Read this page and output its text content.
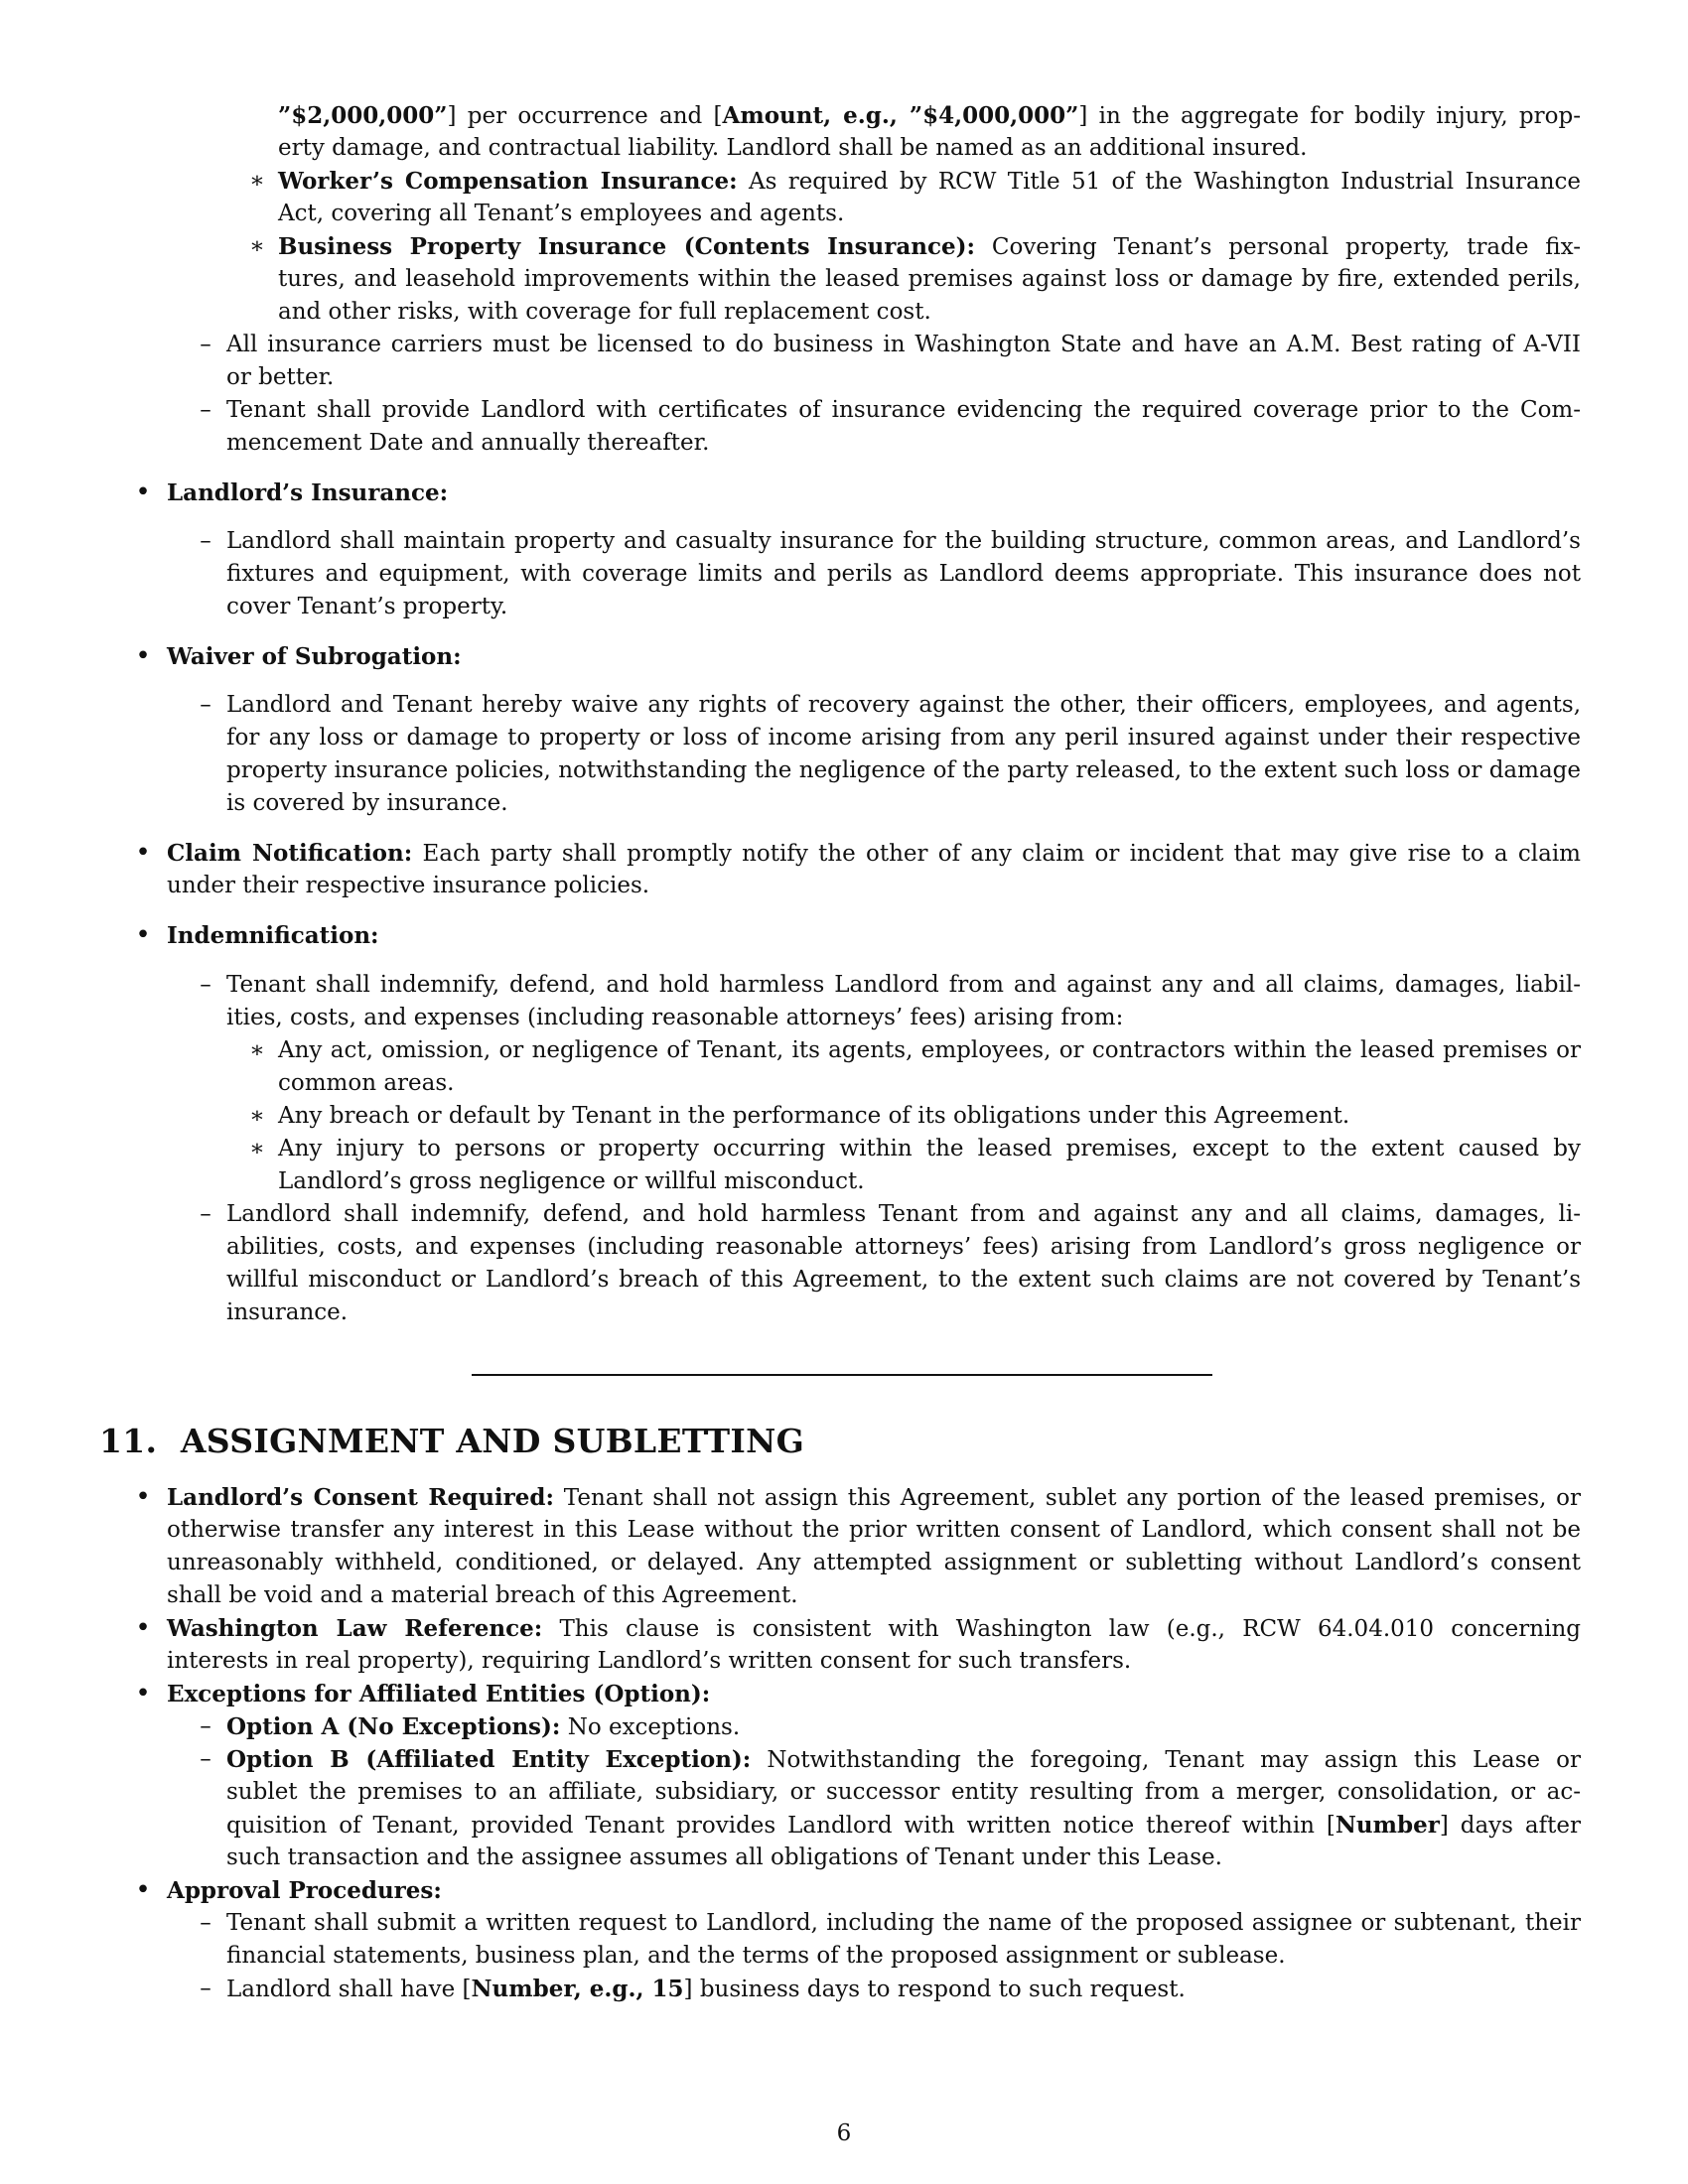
”$2,000,000”] per occurrence and [Amount, e.g., ”$4,000,000”] in the aggregate for bodily injury, prop-
erty damage, and contractual liability. Landlord shall be named as an additional insured.
∗ Worker’s Compensation Insurance: As required by RCW Title 51 of the Washington Industrial Insurance
Act, covering all Tenant’s employees and agents.
∗ Business Property Insurance (Contents Insurance): Covering Tenant’s personal property, trade fix-
tures, and leasehold improvements within the leased premises against loss or damage by fire, extended perils,
and other risks, with coverage for full replacement cost.
– All insurance carriers must be licensed to do business in Washington State and have an A.M. Best rating of A-VII
or better.
– Tenant shall provide Landlord with certificates of insurance evidencing the required coverage prior to the Com-
mencement Date and annually thereafter.
• Landlord’s Insurance:
– Landlord shall maintain property and casualty insurance for the building structure, common areas, and Landlord’s
fixtures and equipment, with coverage limits and perils as Landlord deems appropriate. This insurance does not
cover Tenant’s property.
• Waiver of Subrogation:
– Landlord and Tenant hereby waive any rights of recovery against the other, their officers, employees, and agents,
for any loss or damage to property or loss of income arising from any peril insured against under their respective
property insurance policies, notwithstanding the negligence of the party released, to the extent such loss or damage
is covered by insurance.
• Claim Notification: Each party shall promptly notify the other of any claim or incident that may give rise to a claim
under their respective insurance policies.
• Indemnification:
– Tenant shall indemnify, defend, and hold harmless Landlord from and against any and all claims, damages, liabil-
ities, costs, and expenses (including reasonable attorneys’ fees) arising from:
∗ Any act, omission, or negligence of Tenant, its agents, employees, or contractors within the leased premises or
common areas.
∗ Any breach or default by Tenant in the performance of its obligations under this Agreement.
∗ Any injury to persons or property occurring within the leased premises, except to the extent caused by
Landlord’s gross negligence or willful misconduct.
– Landlord shall indemnify, defend, and hold harmless Tenant from and against any and all claims, damages, li-
abilities, costs, and expenses (including reasonable attorneys’ fees) arising from Landlord’s gross negligence or
willful misconduct or Landlord’s breach of this Agreement, to the extent such claims are not covered by Tenant’s
insurance.
11.  ASSIGNMENT AND SUBLETTING
• Landlord’s Consent Required: Tenant shall not assign this Agreement, sublet any portion of the leased premises, or
otherwise transfer any interest in this Lease without the prior written consent of Landlord, which consent shall not be
unreasonably withheld, conditioned, or delayed. Any attempted assignment or subletting without Landlord’s consent
shall be void and a material breach of this Agreement.
• Washington Law Reference: This clause is consistent with Washington law (e.g., RCW 64.04.010 concerning
interests in real property), requiring Landlord’s written consent for such transfers.
• Exceptions for Affiliated Entities (Option):
– Option A (No Exceptions): No exceptions.
– Option B (Affiliated Entity Exception): Notwithstanding the foregoing, Tenant may assign this Lease or
sublet the premises to an affiliate, subsidiary, or successor entity resulting from a merger, consolidation, or ac-
quisition of Tenant, provided Tenant provides Landlord with written notice thereof within [Number] days after
such transaction and the assignee assumes all obligations of Tenant under this Lease.
• Approval Procedures:
– Tenant shall submit a written request to Landlord, including the name of the proposed assignee or subtenant, their
financial statements, business plan, and the terms of the proposed assignment or sublease.
– Landlord shall have [Number, e.g., 15] business days to respond to such request.
6
